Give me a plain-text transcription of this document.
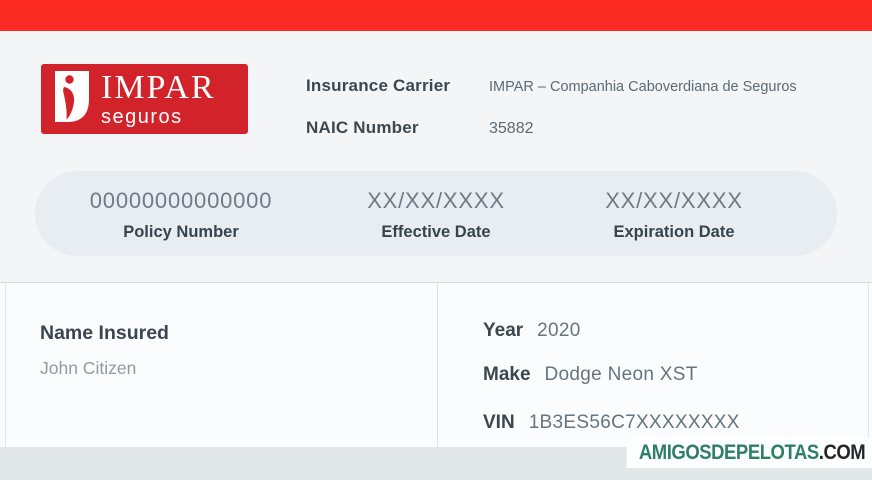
IMPAR
seguros
Insurance Carrier	IMPAR – Companhia Caboverdiana de Seguros
NAIC Number	35882
00000000000000
Policy Number
XX/XX/XXXX
Effective Date
XX/XX/XXXX
Expiration Date
Name Insured
John Citizen
Year 2020
Make Dodge Neon XST
VIN 1B3ES56C7XXXXXXXX
AMIGOSDEPELOTAS .COM
